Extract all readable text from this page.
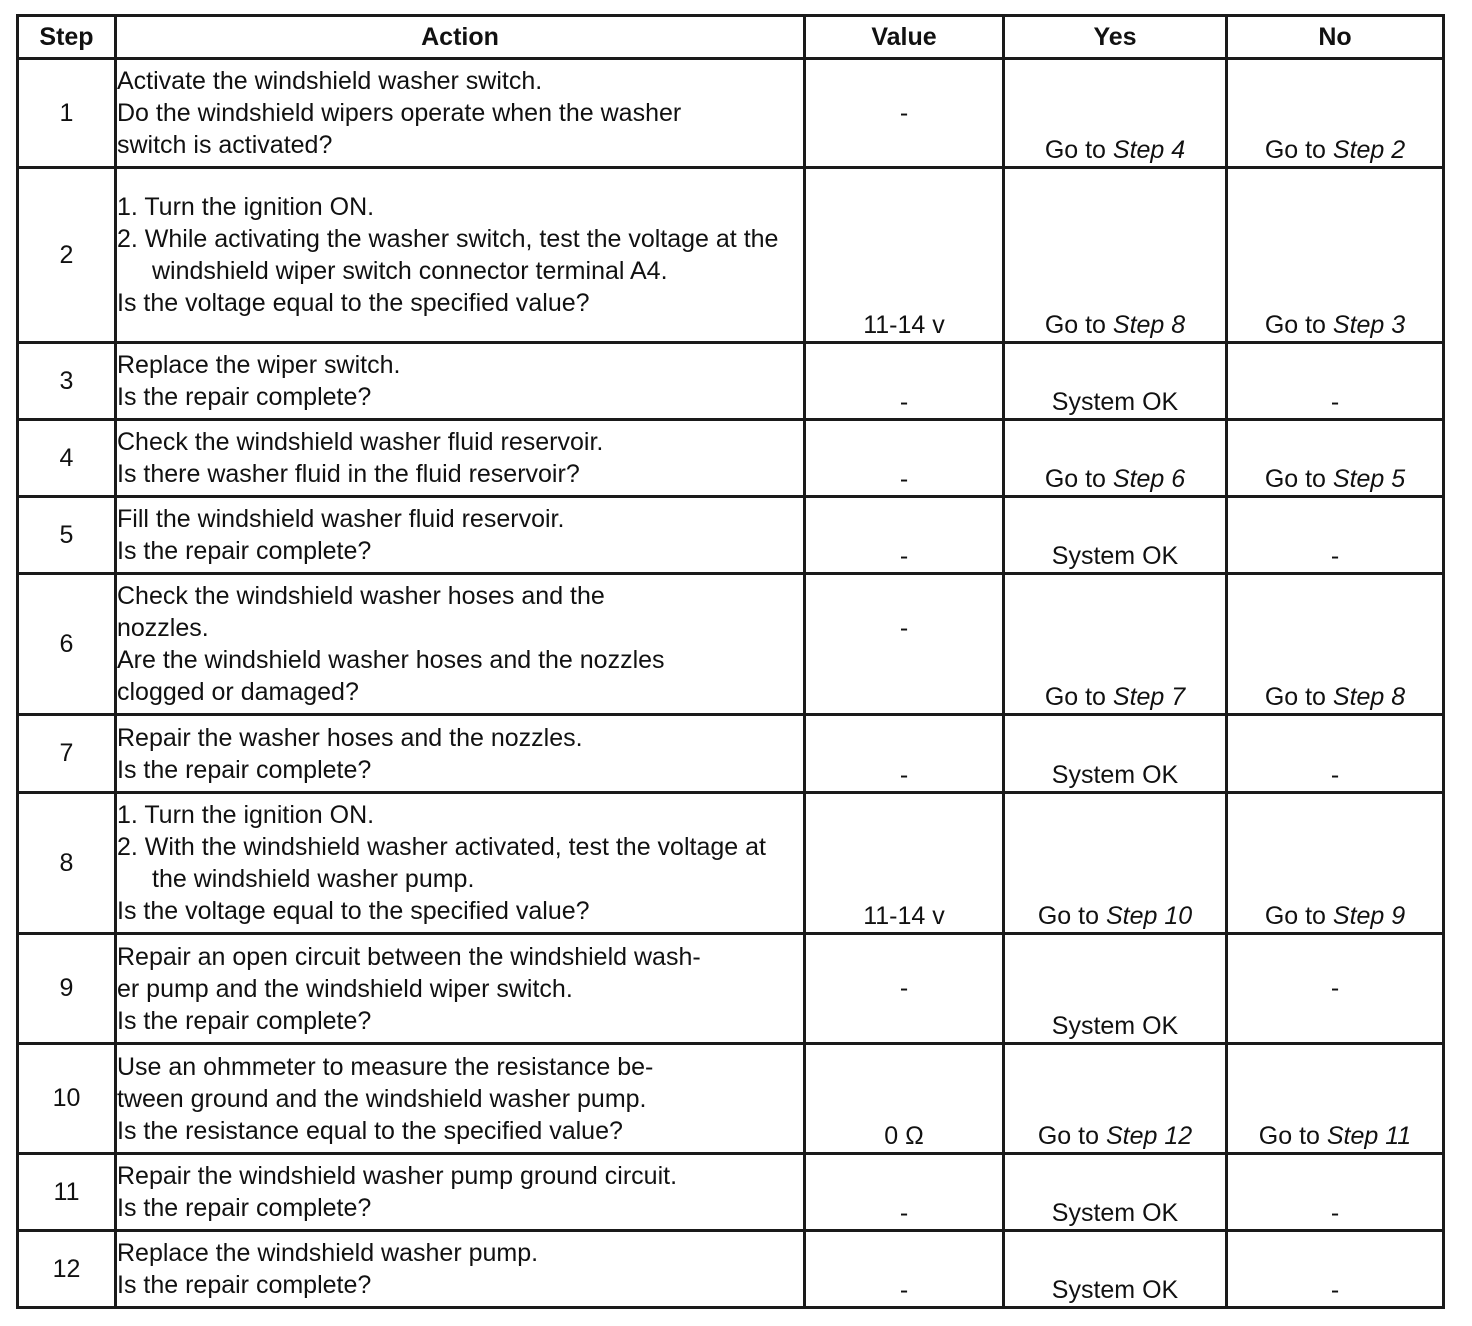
Step	Action	Value	Yes	No
1	Activate the windshield washer switch.
Do the windshield wipers operate when the washer
switch is activated?	-	Go to Step 4	Go to Step 2
2	1. Turn the ignition ON.
2. While activating the washer switch, test the voltage at the windshield wiper switch connector terminal A4.
Is the voltage equal to the specified value?	11-14 v	Go to Step 8	Go to Step 3
3	Replace the wiper switch.
Is the repair complete?	-	System OK	-
4	Check the windshield washer fluid reservoir.
Is there washer fluid in the fluid reservoir?	-	Go to Step 6	Go to Step 5
5	Fill the windshield washer fluid reservoir.
Is the repair complete?	-	System OK	-
6	Check the windshield washer hoses and the
nozzles.
Are the windshield washer hoses and the nozzles
clogged or damaged?	-	Go to Step 7	Go to Step 8
7	Repair the washer hoses and the nozzles.
Is the repair complete?	-	System OK	-
8	1. Turn the ignition ON.
2. With the windshield washer activated, test the voltage at the windshield washer pump.
Is the voltage equal to the specified value?	11-14 v	Go to Step 10	Go to Step 9
9	Repair an open circuit between the windshield wash-
er pump and the windshield wiper switch.
Is the repair complete?	-	System OK	-
10	Use an ohmmeter to measure the resistance be-
tween ground and the windshield washer pump.
Is the resistance equal to the specified value?	0 Ω	Go to Step 12	Go to Step 11
11	Repair the windshield washer pump ground circuit.
Is the repair complete?	-	System OK	-
12	Replace the windshield washer pump.
Is the repair complete?	-	System OK	-
